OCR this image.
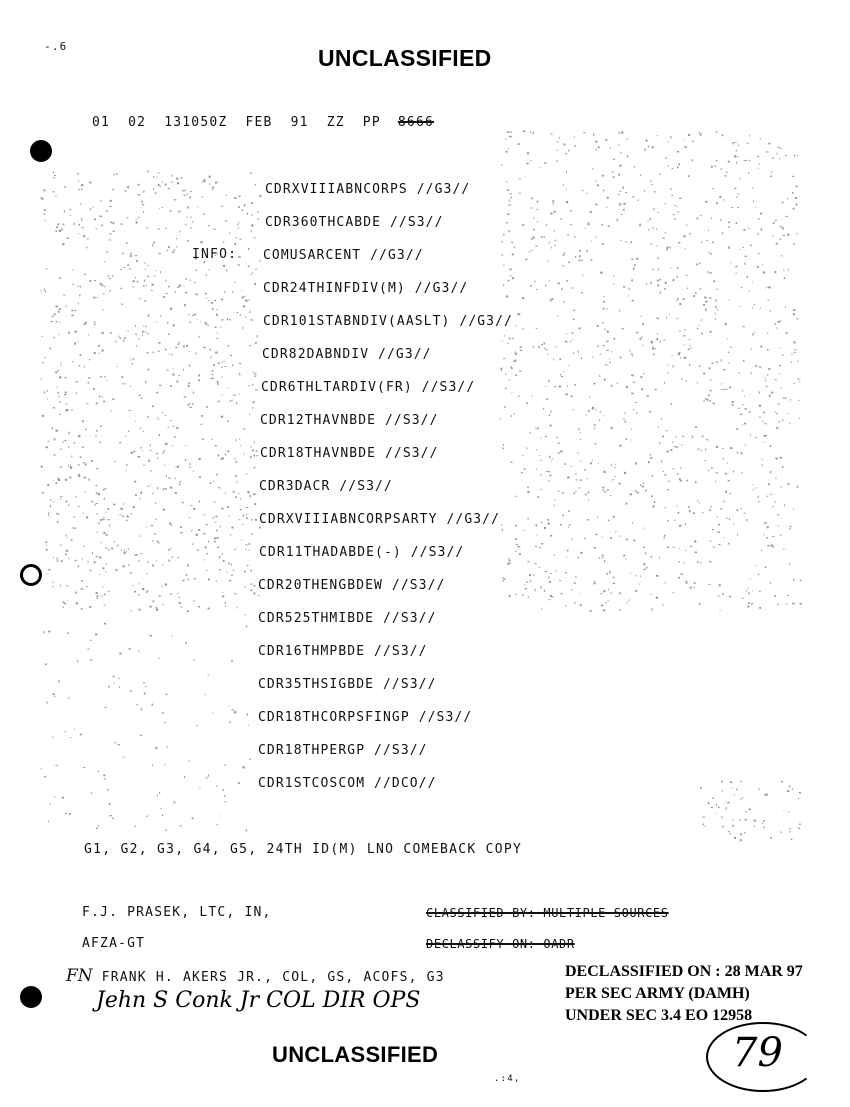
-.6	UNCLASSIFIED
01  02  131050Z  FEB  91  ZZ  PP 8666
CDRXVIIIABNCORPS //G3//
CDR360THCABDE //S3//
INFO: COMUSARCENT //G3//
CDR24THINFDIV(M) //G3//
CDR101STABNDIV(AASLT) //G3//
CDR82DABNDIV //G3//
CDR6THLTARDIV(FR) //S3//
CDR12THAVNBDE //S3//
CDR18THAVNBDE //S3//
CDR3DACR //S3//
CDRXVIIIABNCORPSARTY //G3//
CDR11THADABDE(-) //S3//
CDR20THENGBDEW //S3//
CDR525THMIBDE //S3//
CDR16THMPBDE //S3//
CDR35THSIGBDE //S3//
CDR18THCORPSFINGP //S3//
CDR18THPERGP //S3//
CDR1STCOSCOM //DCO//
G1, G2, G3, G4, G5, 24TH ID(M) LNO COMEBACK COPY
F.J. PRASEK, LTC, IN,
AFZA-GT
FN FRANK H. AKERS JR., COL, GS, ACOFS, G3
CLASSIFIED BY: MULTIPLE SOURCES
DECLASSIFY ON: OADR
Jehn S Conk Jr COL DIR OPS
DECLASSIFIED ON : 28 MAR 97
PER SEC ARMY (DAMH)
UNDER SEC 3.4 EO 12958
79
UNCLASSIFIED
.:4,
